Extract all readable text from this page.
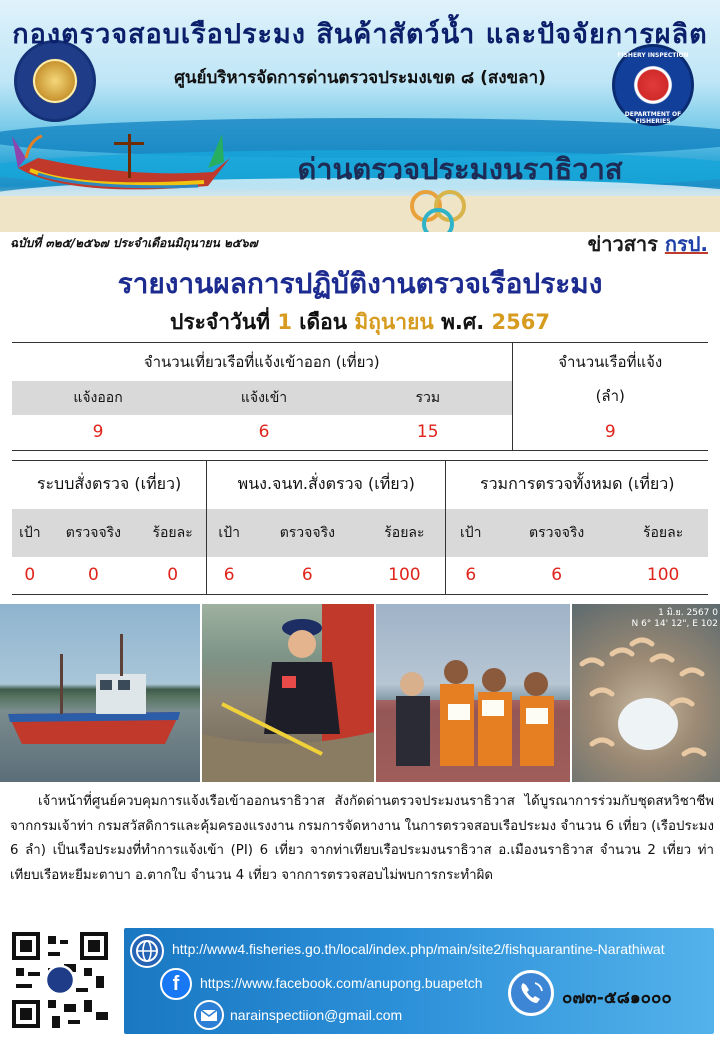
FISHERY INSPECTION
DEPARTMENT OF FISHERIES
กองตรวจสอบเรือประมง สินค้าสัตว์น้ำ และปัจจัยการผลิต
ศูนย์บริหารจัดการด่านตรวจประมงเขต ๘ (สงขลา)
ด่านตรวจประมงนราธิวาส
ฉบับที่ ๓๒๕/๒๕๖๗ ประจำเดือนมิถุนายน ๒๕๖๗	ข่าวสาร กรป.
รายงานผลการปฏิบัติงานตรวจเรือประมง
ประจำวันที่ 1 เดือน มิถุนายน พ.ศ. 2567
จำนวนเที่ยวเรือที่แจ้งเข้าออก (เที่ยว)			จำนวนเรือที่แจ้ง
(ลำ)

แจ้งออก	แจ้งเข้า	รวม	
9	6	15	9
ระบบสั่งตรวจ (เที่ยว)			พนง.จนท.สั่งตรวจ (เที่ยว)			รวมการตรวจทั้งหมด (เที่ยว)		
เป้า	ตรวจจริง	ร้อยละ	เป้า	ตรวจจริง	ร้อยละ	เป้า	ตรวจจริง	ร้อยละ
0	0	0	6	6	100	6	6	100
1 มิ.ย. 2567 0
N 6° 14' 12", E 102
เจ้าหน้าที่ศูนย์ควบคุมการแจ้งเรือเข้าออกนราธิวาส สังกัดด่านตรวจประมงนราธิวาส ได้บูรณาการร่วมกับชุดสหวิชาชีพ จากกรมเจ้าท่า กรมสวัสดิการและคุ้มครองแรงงาน กรมการจัดหางาน ในการตรวจสอบเรือประมง จำนวน 6 เที่ยว (เรือประมง 6 ลำ) เป็นเรือประมงที่ทำการแจ้งเข้า (PI) 6 เที่ยว จากท่าเทียบเรือประมงนราธิวาส อ.เมืองนราธิวาส จำนวน 2 เที่ยว ท่าเทียบเรือหะยีมะตาบา อ.ตากใบ จำนวน 4 เที่ยว จากการตรวจสอบไม่พบการกระทำผิด
http://www4.fisheries.go.th/local/index.php/main/site2/fishquarantine-Narathiwat
f	https://www.facebook.com/anupong.buapetch
narainspectiion@gmail.com
๐๗๓-๕๘๑๐๐๐
